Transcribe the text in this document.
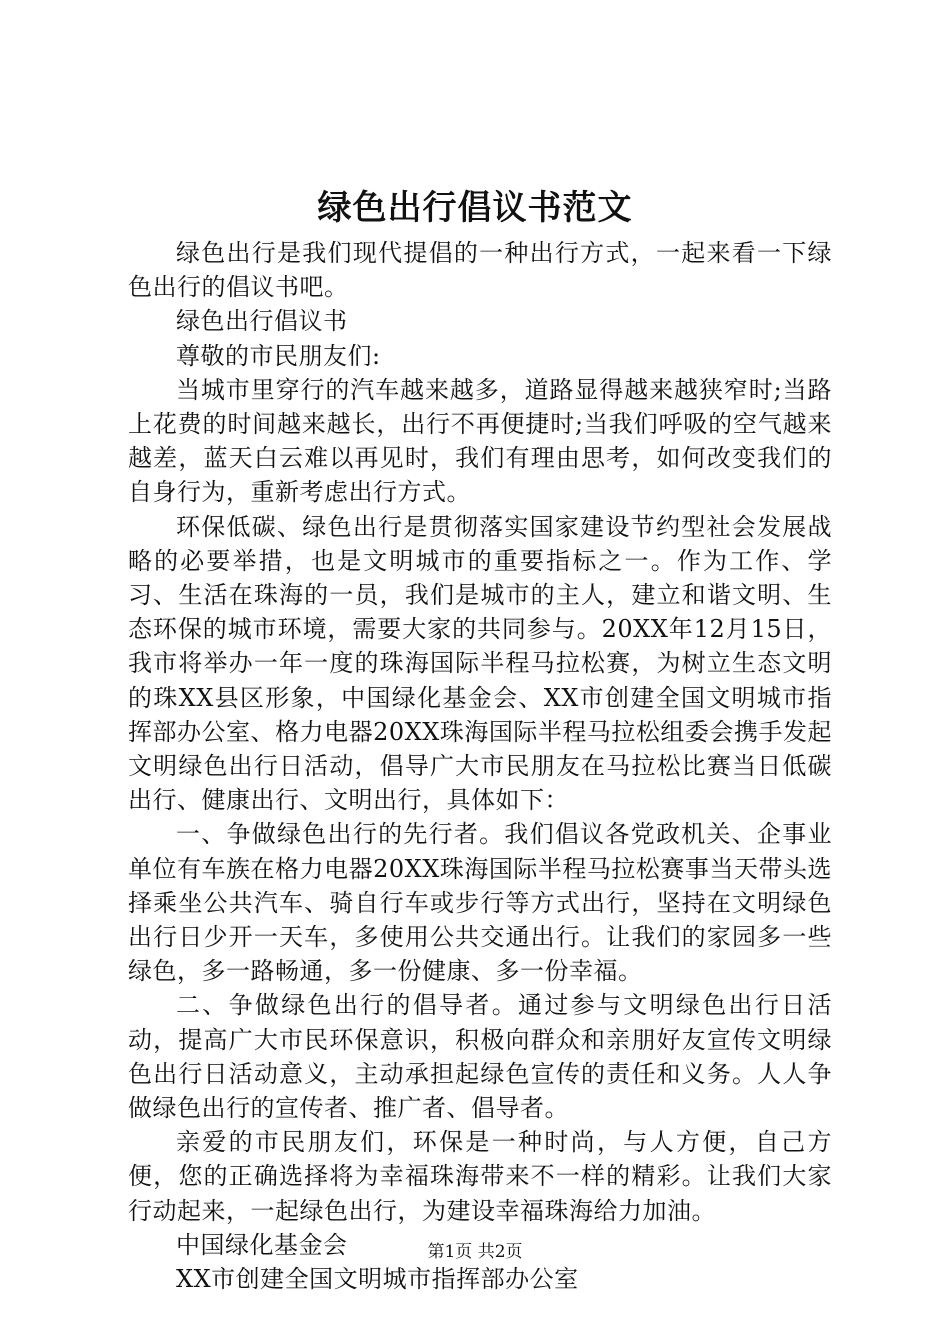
绿色出行倡议书范文

绿色出行是我们现代提倡的一种出行方式，一起来看一下绿色出行的倡议书吧。

绿色出行倡议书

尊敬的市民朋友们:

当城市里穿行的汽车越来越多，道路显得越来越狭窄时;当路上花费的时间越来越长，出行不再便捷时;当我们呼吸的空气越来越差，蓝天白云难以再见时，我们有理由思考，如何改变我们的自身行为，重新考虑出行方式。

环保低碳、绿色出行是贯彻落实国家建设节约型社会发展战略的必要举措，也是文明城市的重要指标之一。作为工作、学习、生活在珠海的一员，我们是城市的主人，建立和谐文明、生态环保的城市环境，需要大家的共同参与。20XX年12月15日，我市将举办一年一度的珠海国际半程马拉松赛，为树立生态文明的珠XX县区形象，中国绿化基金会、XX市创建全国文明城市指挥部办公室、格力电器20XX珠海国际半程马拉松组委会携手发起文明绿色出行日活动，倡导广大市民朋友在马拉松比赛当日低碳出行、健康出行、文明出行，具体如下：

一、争做绿色出行的先行者。我们倡议各党政机关、企事业单位有车族在格力电器20XX珠海国际半程马拉松赛事当天带头选择乘坐公共汽车、骑自行车或步行等方式出行，坚持在文明绿色出行日少开一天车，多使用公共交通出行。让我们的家园多一些绿色，多一路畅通，多一份健康、多一份幸福。

二、争做绿色出行的倡导者。通过参与文明绿色出行日活动，提高广大市民环保意识，积极向群众和亲朋好友宣传文明绿色出行日活动意义，主动承担起绿色宣传的责任和义务。人人争做绿色出行的宣传者、推广者、倡导者。

亲爱的市民朋友们，环保是一种时尚，与人方便，自己方便，您的正确选择将为幸福珠海带来不一样的精彩。让我们大家行动起来，一起绿色出行，为建设幸福珠海给力加油。

中国绿化基金会

XX市创建全国文明城市指挥部办公室

第1页 共2页
